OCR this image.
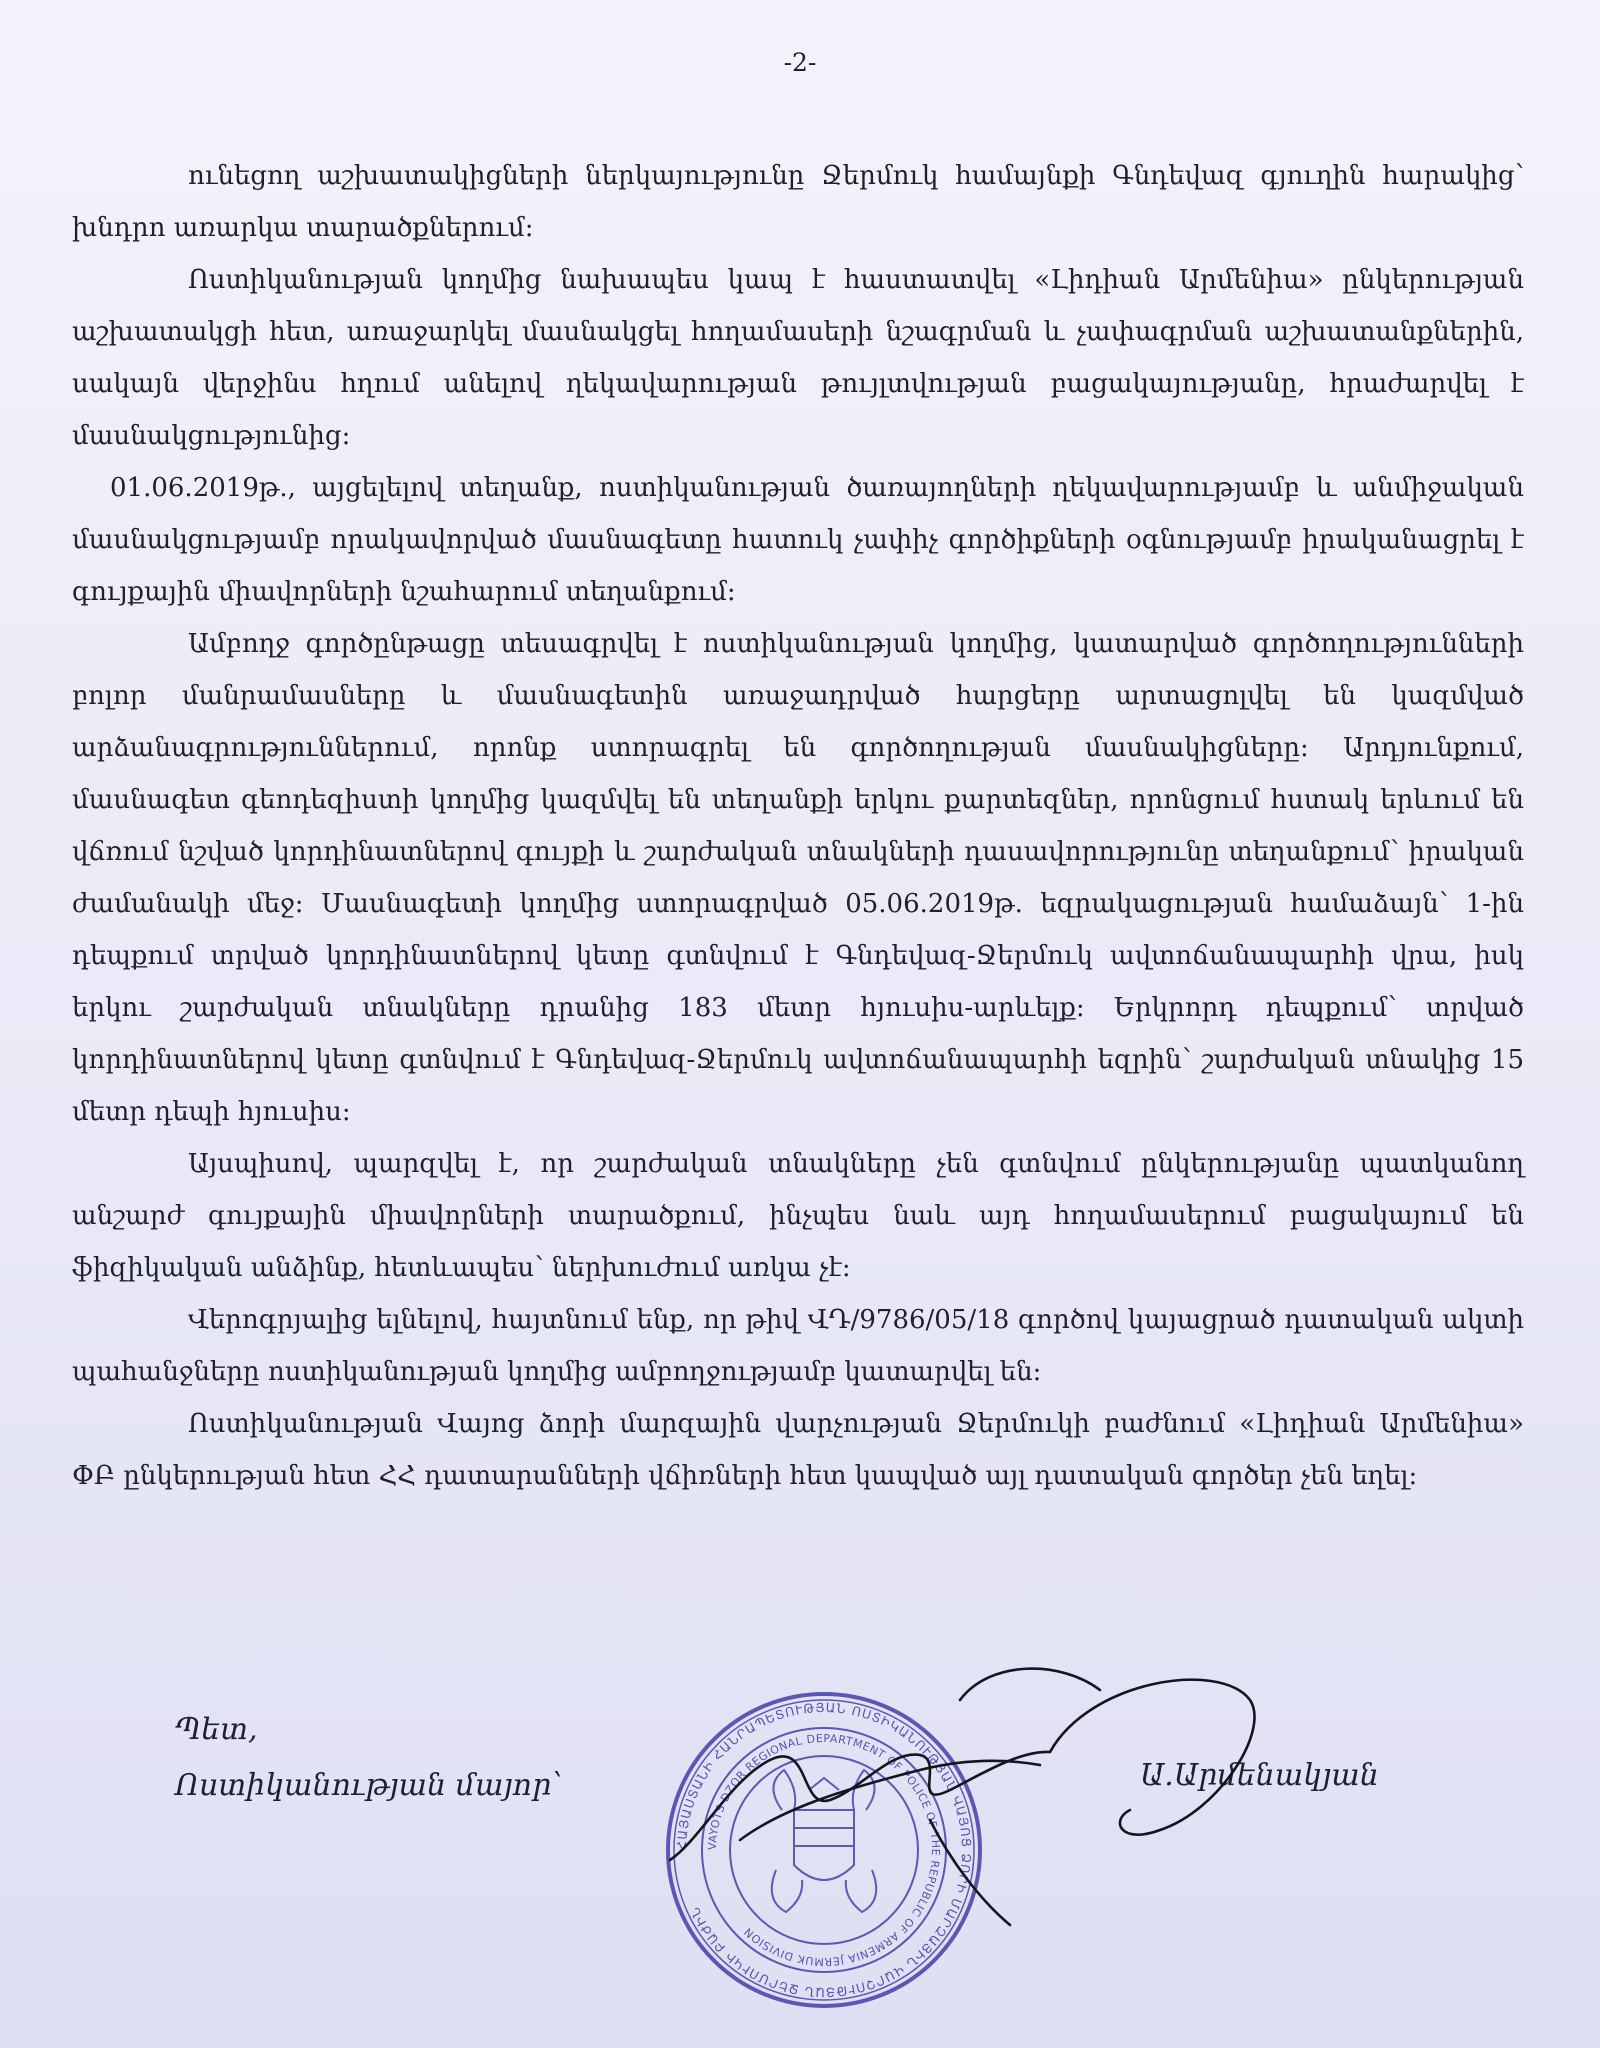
-2-

ունեցող աշխատակիցների ներկայությունը Ջերմուկ համայնքի Գնդեվազ գյուղին հարակից՝ խնդրո առարկա տարածքներում:

Ոստիկանության կողմից նախապես կապ է հաստատվել «Լիդիան Արմենիա» ընկերության աշխատակցի հետ, առաջարկել մասնակցել հողամասերի նշագրման և չափագրման աշխատանքներին, սակայն վերջինս հղում անելով ղեկավարության թույլտվության բացակայությանը, հրաժարվել է մասնակցությունից:

01.06.2019թ., այցելելով տեղանք, ոստիկանության ծառայողների ղեկավարությամբ և անմիջական մասնակցությամբ որակավորված մասնագետը հատուկ չափիչ գործիքների օգնությամբ իրականացրել է գույքային միավորների նշահարում տեղանքում:

Ամբողջ գործընթացը տեսագրվել է ոստիկանության կողմից, կատարված գործողությունների բոլոր մանրամասները և մասնագետին առաջադրված հարցերը արտացոլվել են կազմված արձանագրություններում, որոնք ստորագրել են գործողության մասնակիցները: Արդյունքում, մասնագետ գեոդեզիստի կողմից կազմվել են տեղանքի երկու քարտեզներ, որոնցում հստակ երևում են վճռում նշված կորդինատներով գույքի և շարժական տնակների դասավորությունը տեղանքում՝ իրական ժամանակի մեջ: Մասնագետի կողմից ստորագրված 05.06.2019թ. եզրակացության համաձայն՝ 1-ին դեպքում տրված կորդինատներով կետը գտնվում է Գնդեվազ-Ջերմուկ ավտոճանապարհի վրա, իսկ երկու շարժական տնակները դրանից 183 մետր հյուսիս-արևելք: Երկրորդ դեպքում՝ տրված կորդինատներով կետը գտնվում է Գնդեվազ-Ջերմուկ ավտոճանապարհի եզրին՝ շարժական տնակից 15 մետր դեպի հյուսիս:

Այսպիսով, պարզվել է, որ շարժական տնակները չեն գտնվում ընկերությանը պատկանող անշարժ գույքային միավորների տարածքում, ինչպես նաև այդ հողամասերում բացակայում են ֆիզիկական անձինք, հետևապես՝ ներխուժում առկա չէ:

Վերոգրյալից ելնելով, հայտնում ենք, որ թիվ ՎԴ/9786/05/18 գործով կայացրած դատական ակտի պահանջները ոստիկանության կողմից ամբողջությամբ կատարվել են:

Ոստիկանության Վայոց ձորի մարզային վարչության Ջերմուկի բաժնում «Լիդիան Արմենիա» ՓԲ ընկերության հետ ՀՀ դատարանների վճիռների հետ կապված այլ դատական գործեր չեն եղել:

Պետ,
Ոստիկանության մայոր՝	Ա.Արմենակյան
ՀԱՅԱՍՏԱՆԻ ՀԱՆՐԱՊԵՏՈՒԹՅԱՆ ՈՍՏԻԿԱՆՈՒԹՅԱՆ ՎԱՅՈՑ ՁՈՐԻ ՄԱՐԶԱՅԻՆ ՎԱՐՉՈՒԹՅԱՆ ՋԵՐՄՈՒԿԻ ԲԱԺԻՆ
VAYOTS DZOR REGIONAL DEPARTMENT OF POLICE OF THE REPUBLIC OF ARMENIA JERMUK DIVISION
